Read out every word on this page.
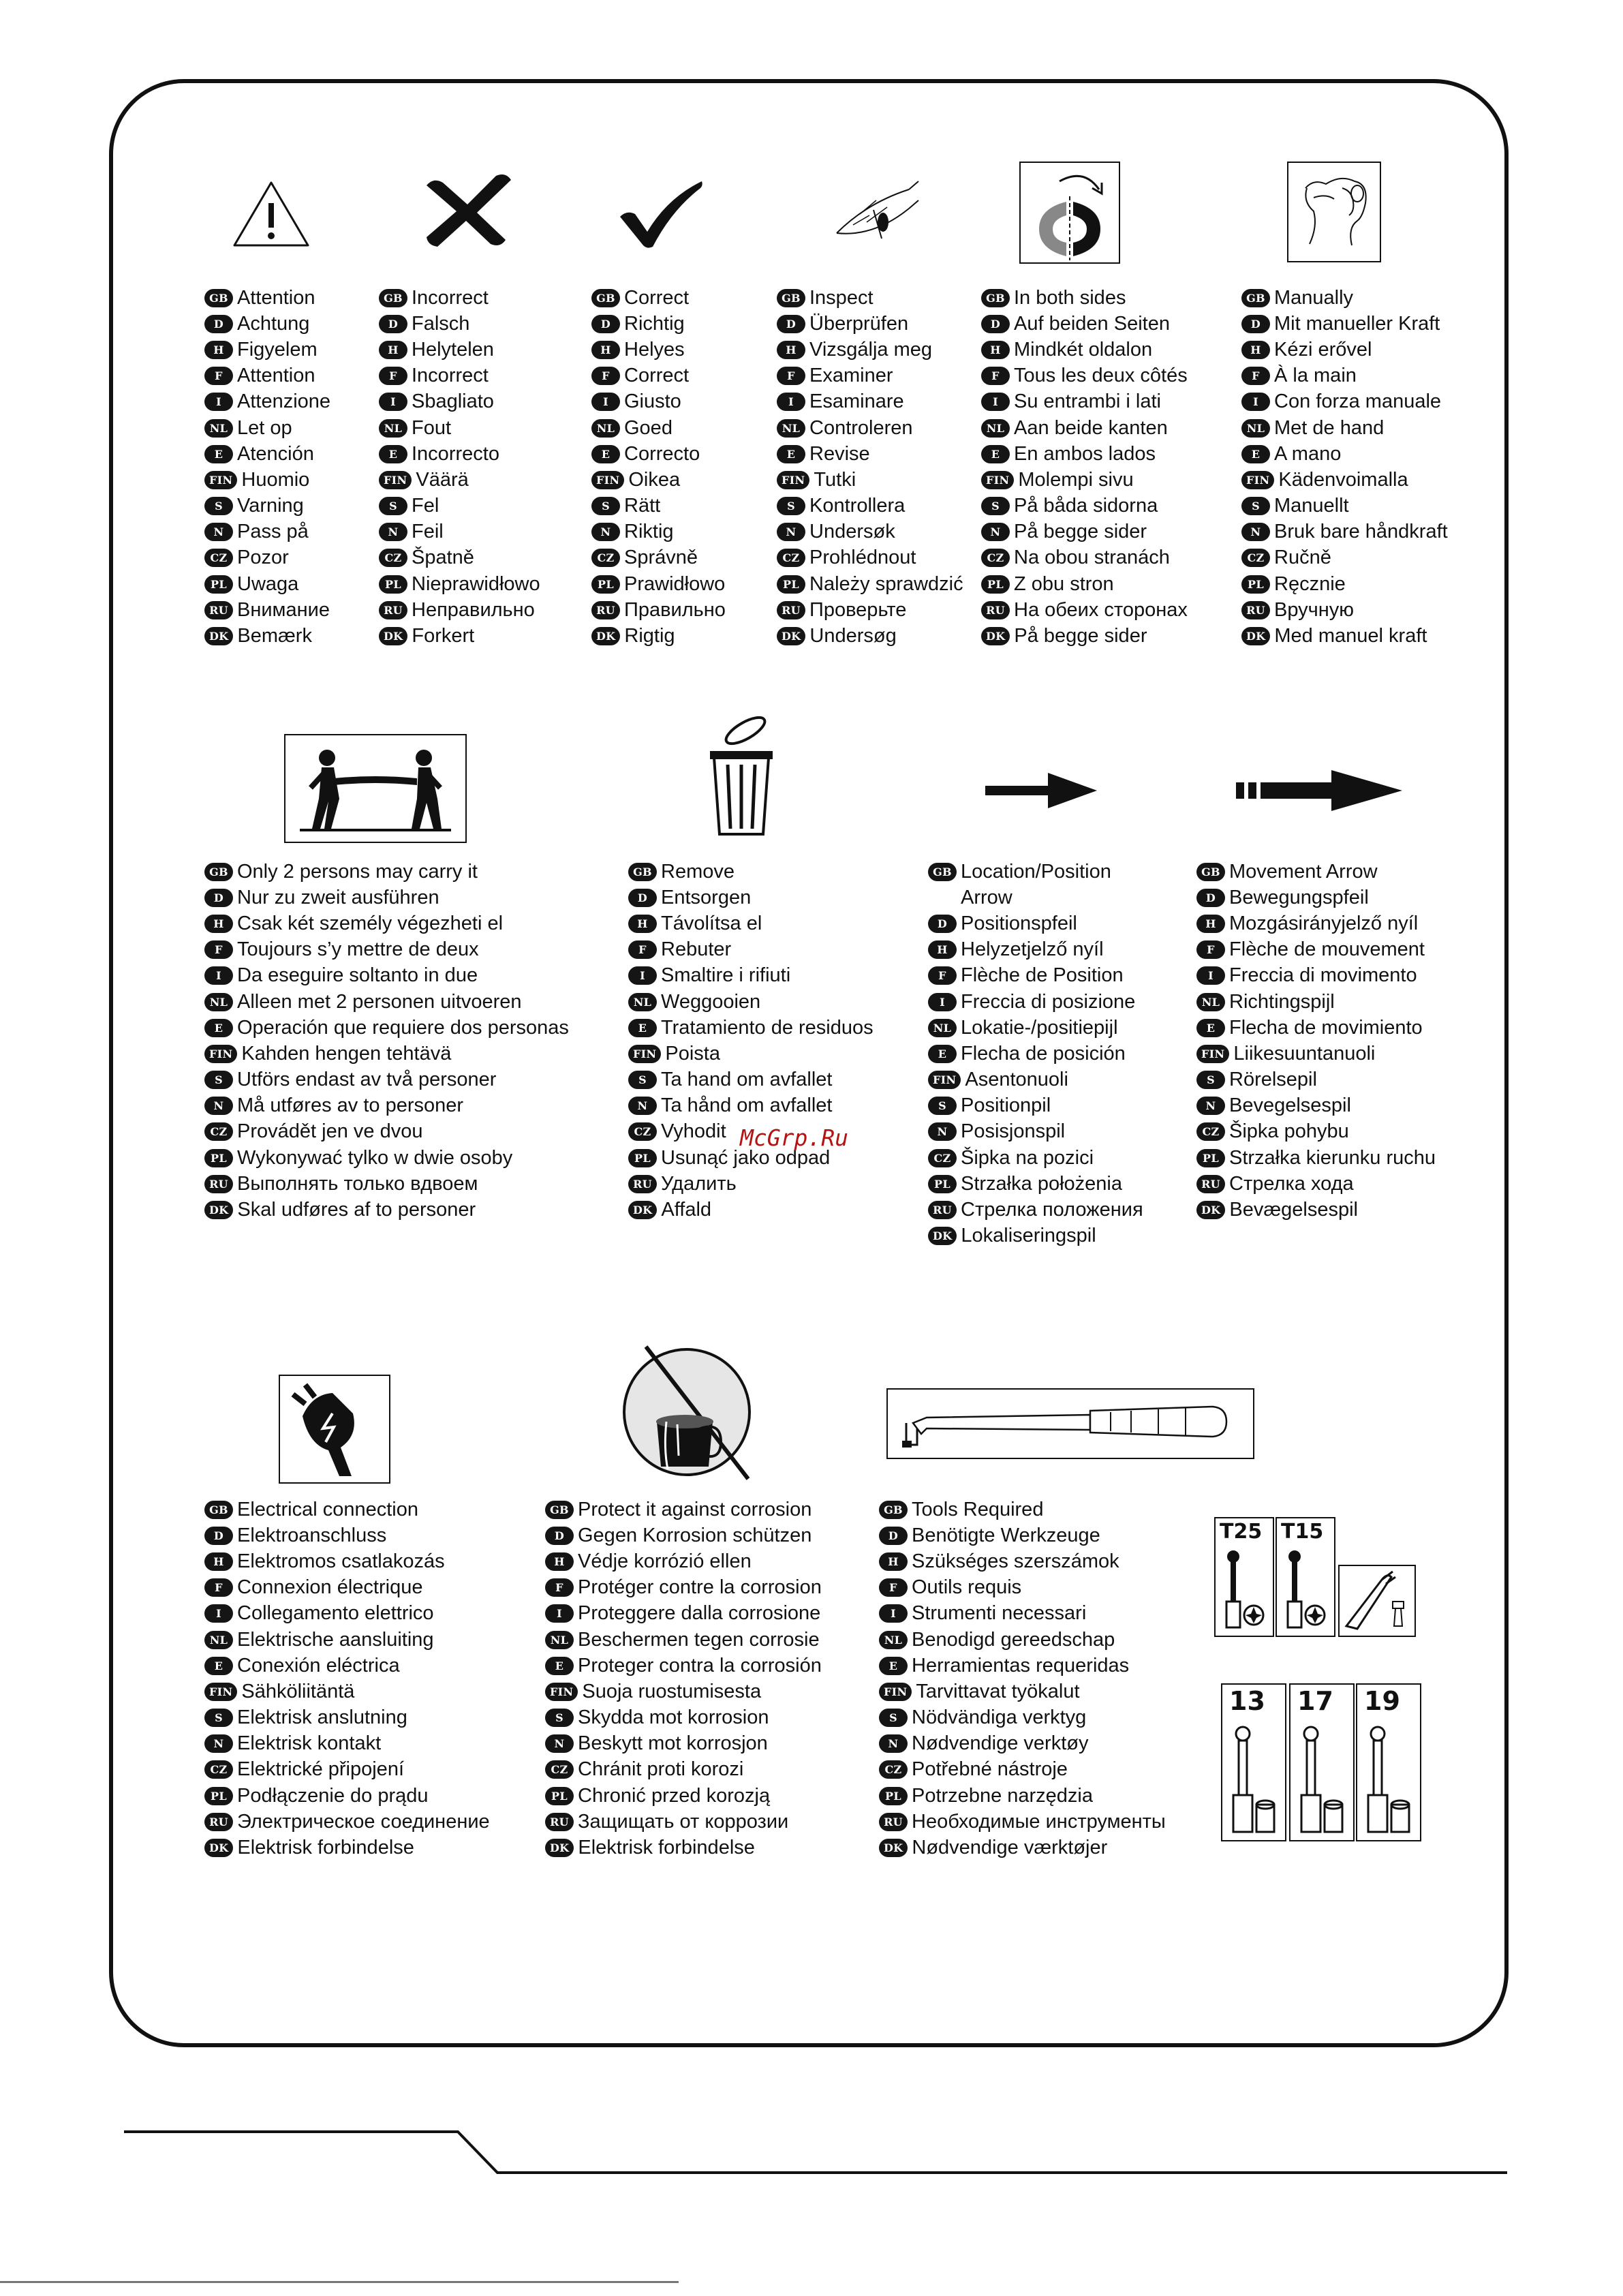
T25 T15
13 17 19
GB Attention
D Achtung
H Figyelem
F Attention
I Attenzione
NL Let op
E Atención
FIN Huomio
S Varning
N Pass på
CZ Pozor
PL Uwaga
RU Внимание
DK Bemærk
GB Incorrect
D Falsch
H Helytelen
F Incorrect
I Sbagliato
NL Fout
E Incorrecto
FIN Väärä
S Fel
N Feil
CZ Špatně
PL Nieprawidłowo
RU Неправильно
DK Forkert
GB Correct
D Richtig
H Helyes
F Correct
I Giusto
NL Goed
E Correcto
FIN Oikea
S Rätt
N Riktig
CZ Správně
PL Prawidłowo
RU Правильно
DK Rigtig
GB Inspect
D Überprüfen
H Vizsgálja meg
F Examiner
I Esaminare
NL Controleren
E Revise
FIN Tutki
S Kontrollera
N Undersøk
CZ Prohlédnout
PL Należy sprawdzić
RU Проверьте
DK Undersøg
GB In both sides
D Auf beiden Seiten
H Mindkét oldalon
F Tous les deux côtés
I Su entrambi i lati
NL Aan beide kanten
E En ambos lados
FIN Molempi sivu
S På båda sidorna
N På begge sider
CZ Na obou stranách
PL Z obu stron
RU На обеих сторонах
DK På begge sider
GB Manually
D Mit manueller Kraft
H Kézi erővel
F À la main
I Con forza manuale
NL Met de hand
E A mano
FIN Kädenvoimalla
S Manuellt
N Bruk bare håndkraft
CZ Ručně
PL Ręcznie
RU Вручную
DK Med manuel kraft
GB Only 2 persons may carry it
D Nur zu zweit ausführen
H Csak két személy végezheti el
F Toujours s’y mettre de deux
I Da eseguire soltanto in due
NL Alleen met 2 personen uitvoeren
E Operación que requiere dos personas
FIN Kahden hengen tehtävä
S Utförs endast av två personer
N Må utføres av to personer
CZ Provádět jen ve dvou
PL Wykonywać tylko w dwie osoby
RU Выполнять только вдвоем
DK Skal udføres af to personer
GB Remove
D Entsorgen
H Távolítsa el
F Rebuter
I Smaltire i rifiuti
NL Weggooien
E Tratamiento de residuos
FIN Poista
S Ta hand om avfallet
N Ta hånd om avfallet
CZ Vyhodit
PL Usunąć jako odpad
RU Удалить
DK Affald
GB Location/Position
Arrow
D Positionspfeil
H Helyzetjelző nyíl
F Flèche de Position
I Freccia di posizione
NL Lokatie-/positiepijl
E Flecha de posición
FIN Asentonuoli
S Positionpil
N Posisjonspil
CZ Šipka na pozici
PL Strzałka położenia
RU Стрелка положения
DK Lokaliseringspil
GB Movement Arrow
D Bewegungspfeil
H Mozgásirányjelző nyíl
F Flèche de mouvement
I Freccia di movimento
NL Richtingspijl
E Flecha de movimiento
FIN Liikesuuntanuoli
S Rörelsepil
N Bevegelsespil
CZ Šipka pohybu
PL Strzałka kierunku ruchu
RU Стрелка хода
DK Bevægelsespil
GB Electrical connection
D Elektroanschluss
H Elektromos csatlakozás
F Connexion électrique
I Collegamento elettrico
NL Elektrische aansluiting
E Conexión eléctrica
FIN Sähköliitäntä
S Elektrisk anslutning
N Elektrisk kontakt
CZ Elektrické připojení
PL Podłączenie do prądu
RU Электрическое соединение
DK Elektrisk forbindelse
GB Protect it against corrosion
D Gegen Korrosion schützen
H Védje korrózió ellen
F Protéger contre la corrosion
I Proteggere dalla corrosione
NL Beschermen tegen corrosie
E Proteger contra la corrosión
FIN Suoja ruostumisesta
S Skydda mot korrosion
N Beskytt mot korrosjon
CZ Chránit proti korozi
PL Chronić przed korozją
RU Защищать от коррозии
DK Elektrisk forbindelse
GB Tools Required
D Benötigte Werkzeuge
H Szükséges szerszámok
F Outils requis
I Strumenti necessari
NL Benodigd gereedschap
E Herramientas requeridas
FIN Tarvittavat työkalut
S Nödvändiga verktyg
N Nødvendige verktøy
CZ Potřebné nástroje
PL Potrzebne narzędzia
RU Необходимые инструменты
DK Nødvendige værktøjer
McGrp.Ru
